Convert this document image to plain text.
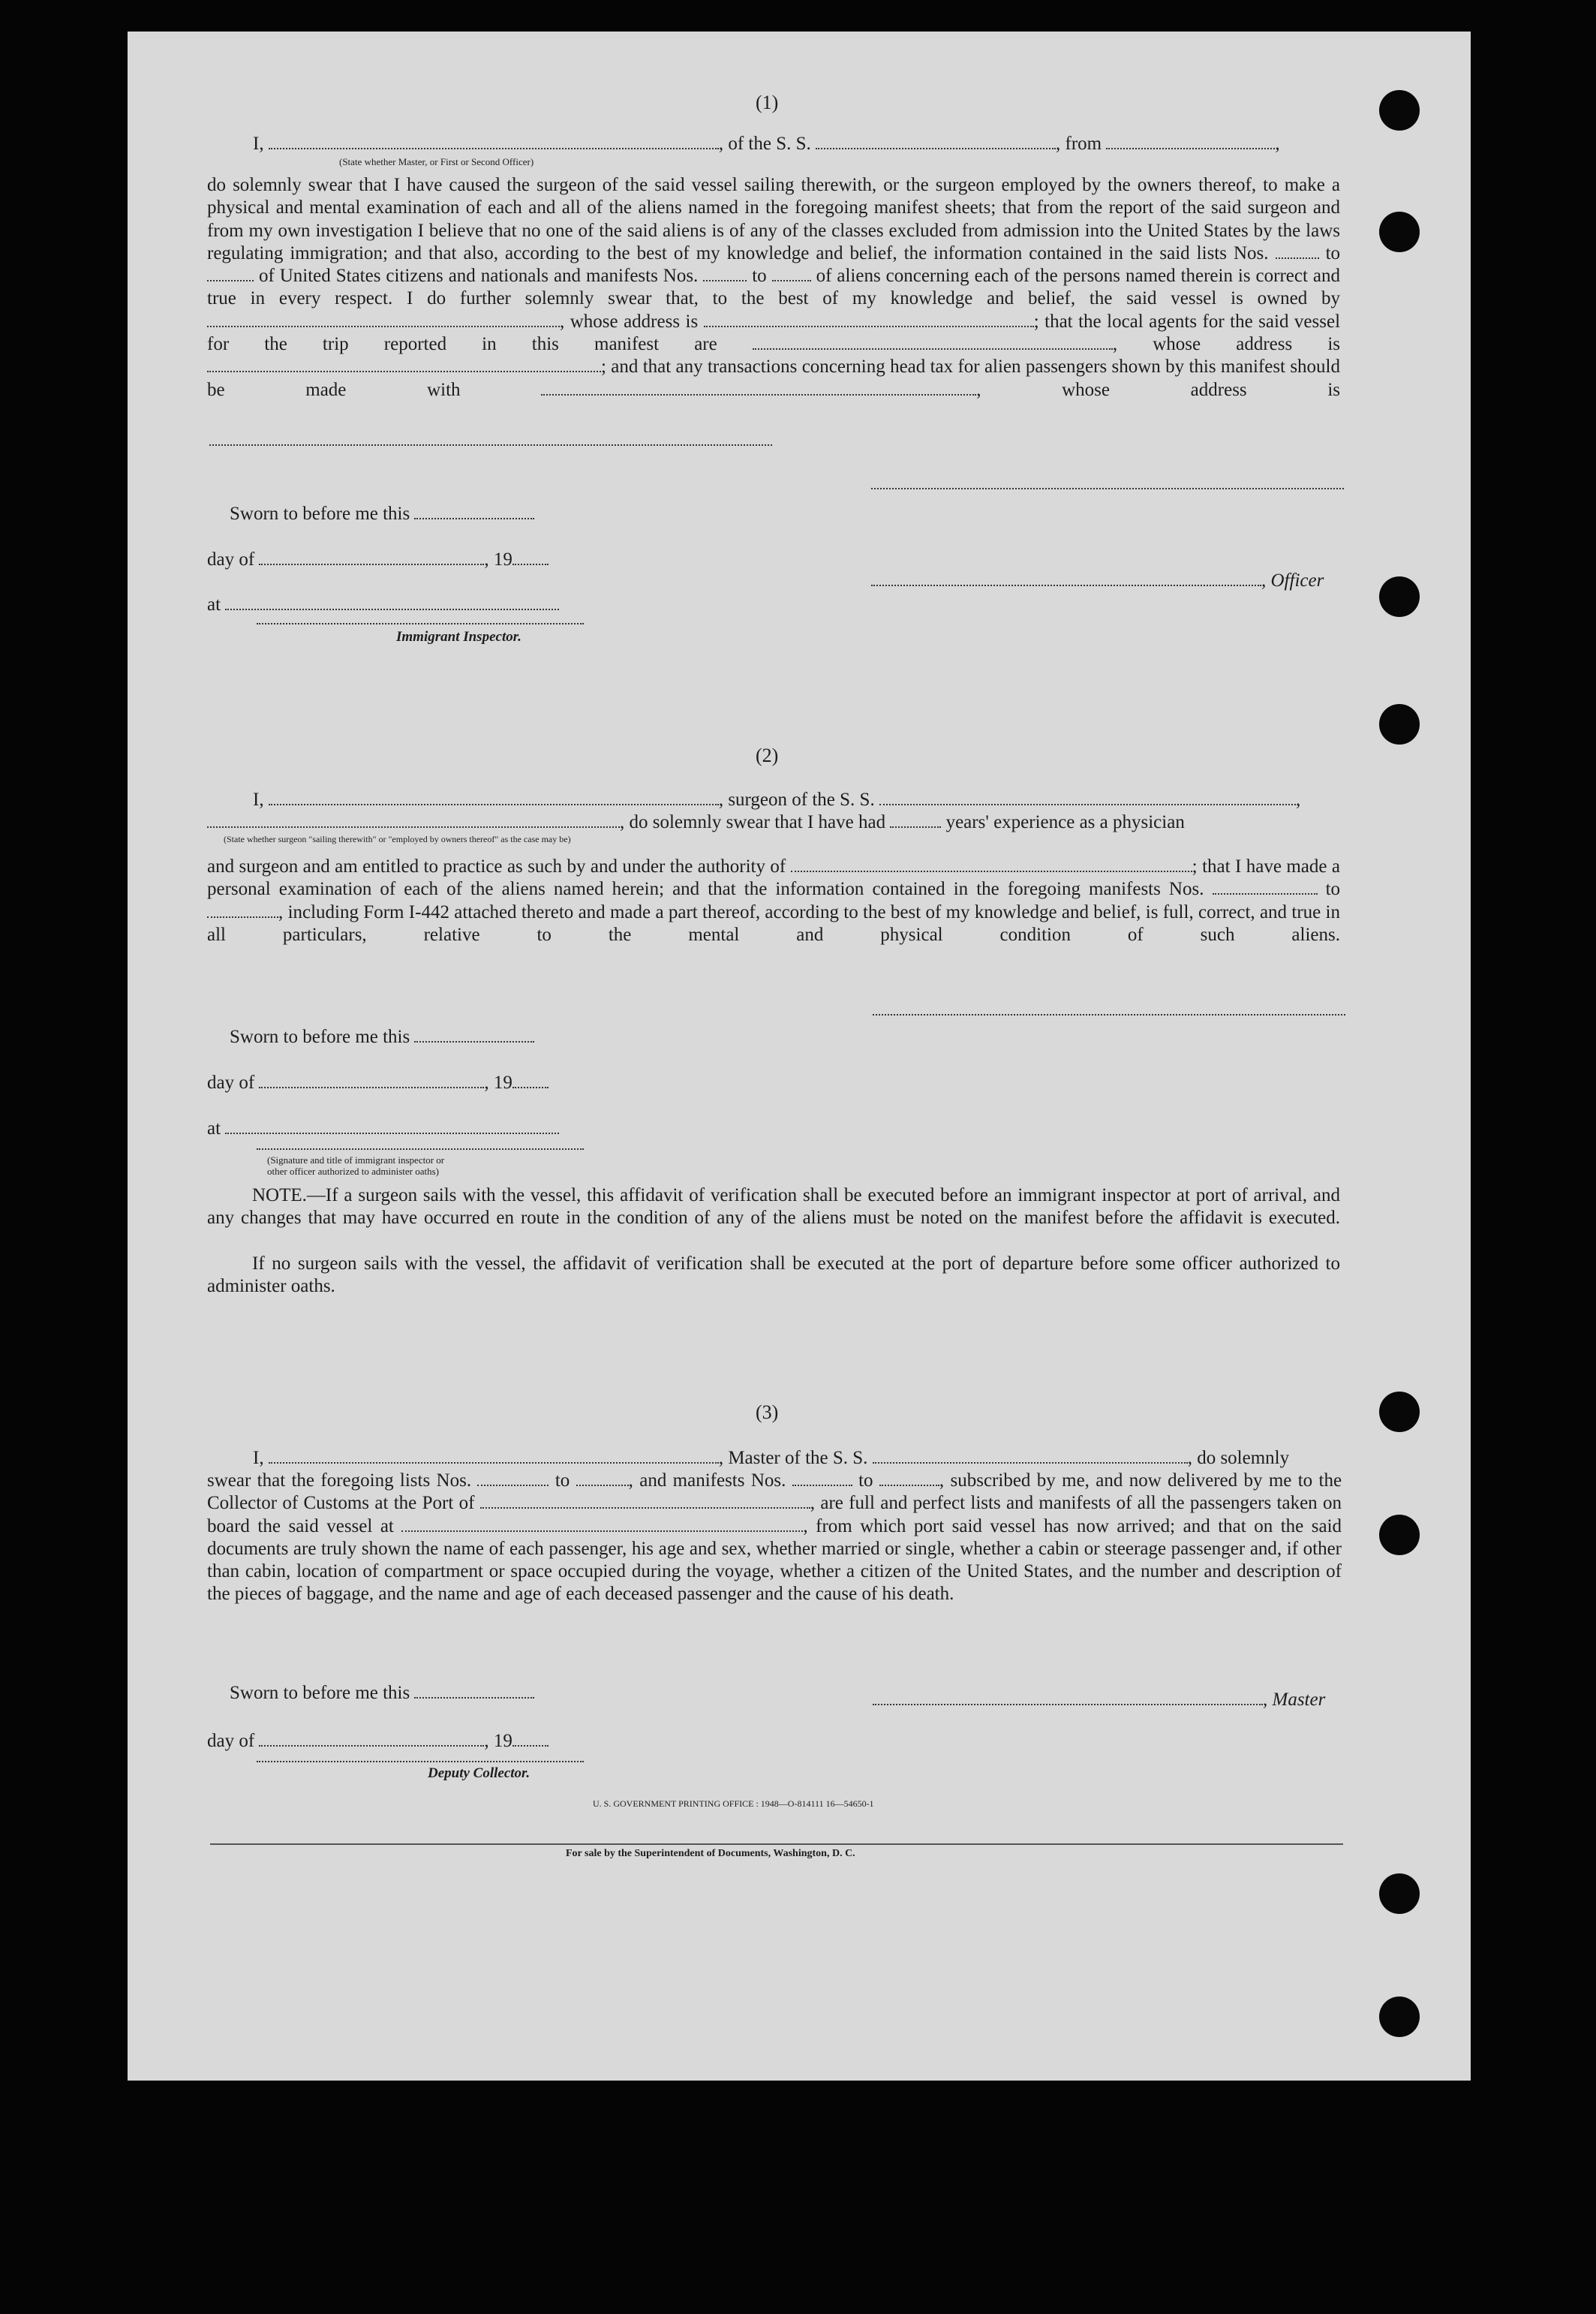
(1)
I,	, of the S. S.	, from	,
(State whether Master, or First or Second Officer)
do solemnly swear that I have caused the surgeon of the said vessel sailing therewith, or the surgeon employed by the owners thereof, to make a physical and mental examination of each and all of the aliens named in the foregoing manifest sheets; that from the report of the said surgeon and from my own investigation I believe that no one of the said aliens is of any of the classes excluded from admission into the United States by the laws regulating immigration; and that also, according to the best of my knowledge and belief, the information contained in the said lists Nos.	to  of United States citizens and nationals and manifests Nos.	to	of aliens concerning each of the persons named therein is correct and true in every respect. I do further solemnly swear that, to the best of my knowledge and belief, the said vessel is owned by , whose address is	; that the local agents for the said vessel for the trip reported in this manifest are	, whose address is ; and that any transactions concerning head tax for alien passengers shown by this manifest should be made with	, whose address is
Sworn to before me this
day of	, 19
, Officer
at
Immigrant Inspector.
(2)
I,	, surgeon of the S. S.	,
, do solemnly swear that I have had	years' experience as a physician
(State whether surgeon "sailing therewith" or "employed by owners thereof" as the case may be)
and surgeon and am entitled to practice as such by and under the authority of	; that I have made a personal examination of each of the aliens named herein; and that the information contained in the foregoing manifests Nos.	to , including Form I-442 attached thereto and made a part thereof, according to the best of my knowledge and belief, is full, correct, and true in all particulars, relative to the mental and physical condition of such aliens.
Sworn to before me this
day of	, 19
at
(Signature and title of immigrant inspector or
other officer authorized to administer oaths)
NOTE.—If a surgeon sails with the vessel, this affidavit of verification shall be executed before an immigrant inspector at port of arrival, and any changes that may have occurred en route in the condition of any of the aliens must be noted on the manifest before the affidavit is executed.
If no surgeon sails with the vessel, the affidavit of verification shall be executed at the port of departure before some officer authorized to administer oaths.
(3)
I,	, Master of the S. S.	, do solemnly
swear that the foregoing lists Nos.	to	, and manifests Nos.	to	, subscribed by me, and now delivered by me to the Collector of Customs at the Port of	, are full and perfect lists and manifests of all the passengers taken on board the said vessel at	, from which port said vessel has now arrived; and that on the said documents are truly shown the name of each passenger, his age and sex, whether married or single, whether a cabin or steerage passenger and, if other than cabin, location of compartment or space occupied during the voyage, whether a citizen of the United States, and the number and description of the pieces of baggage, and the name and age of each deceased passenger and the cause of his death.
Sworn to before me this	, Master
day of	, 19
Deputy Collector.
U. S. GOVERNMENT PRINTING OFFICE : 1948—O-814111 16—54650-1
For sale by the Superintendent of Documents, Washington, D. C.
